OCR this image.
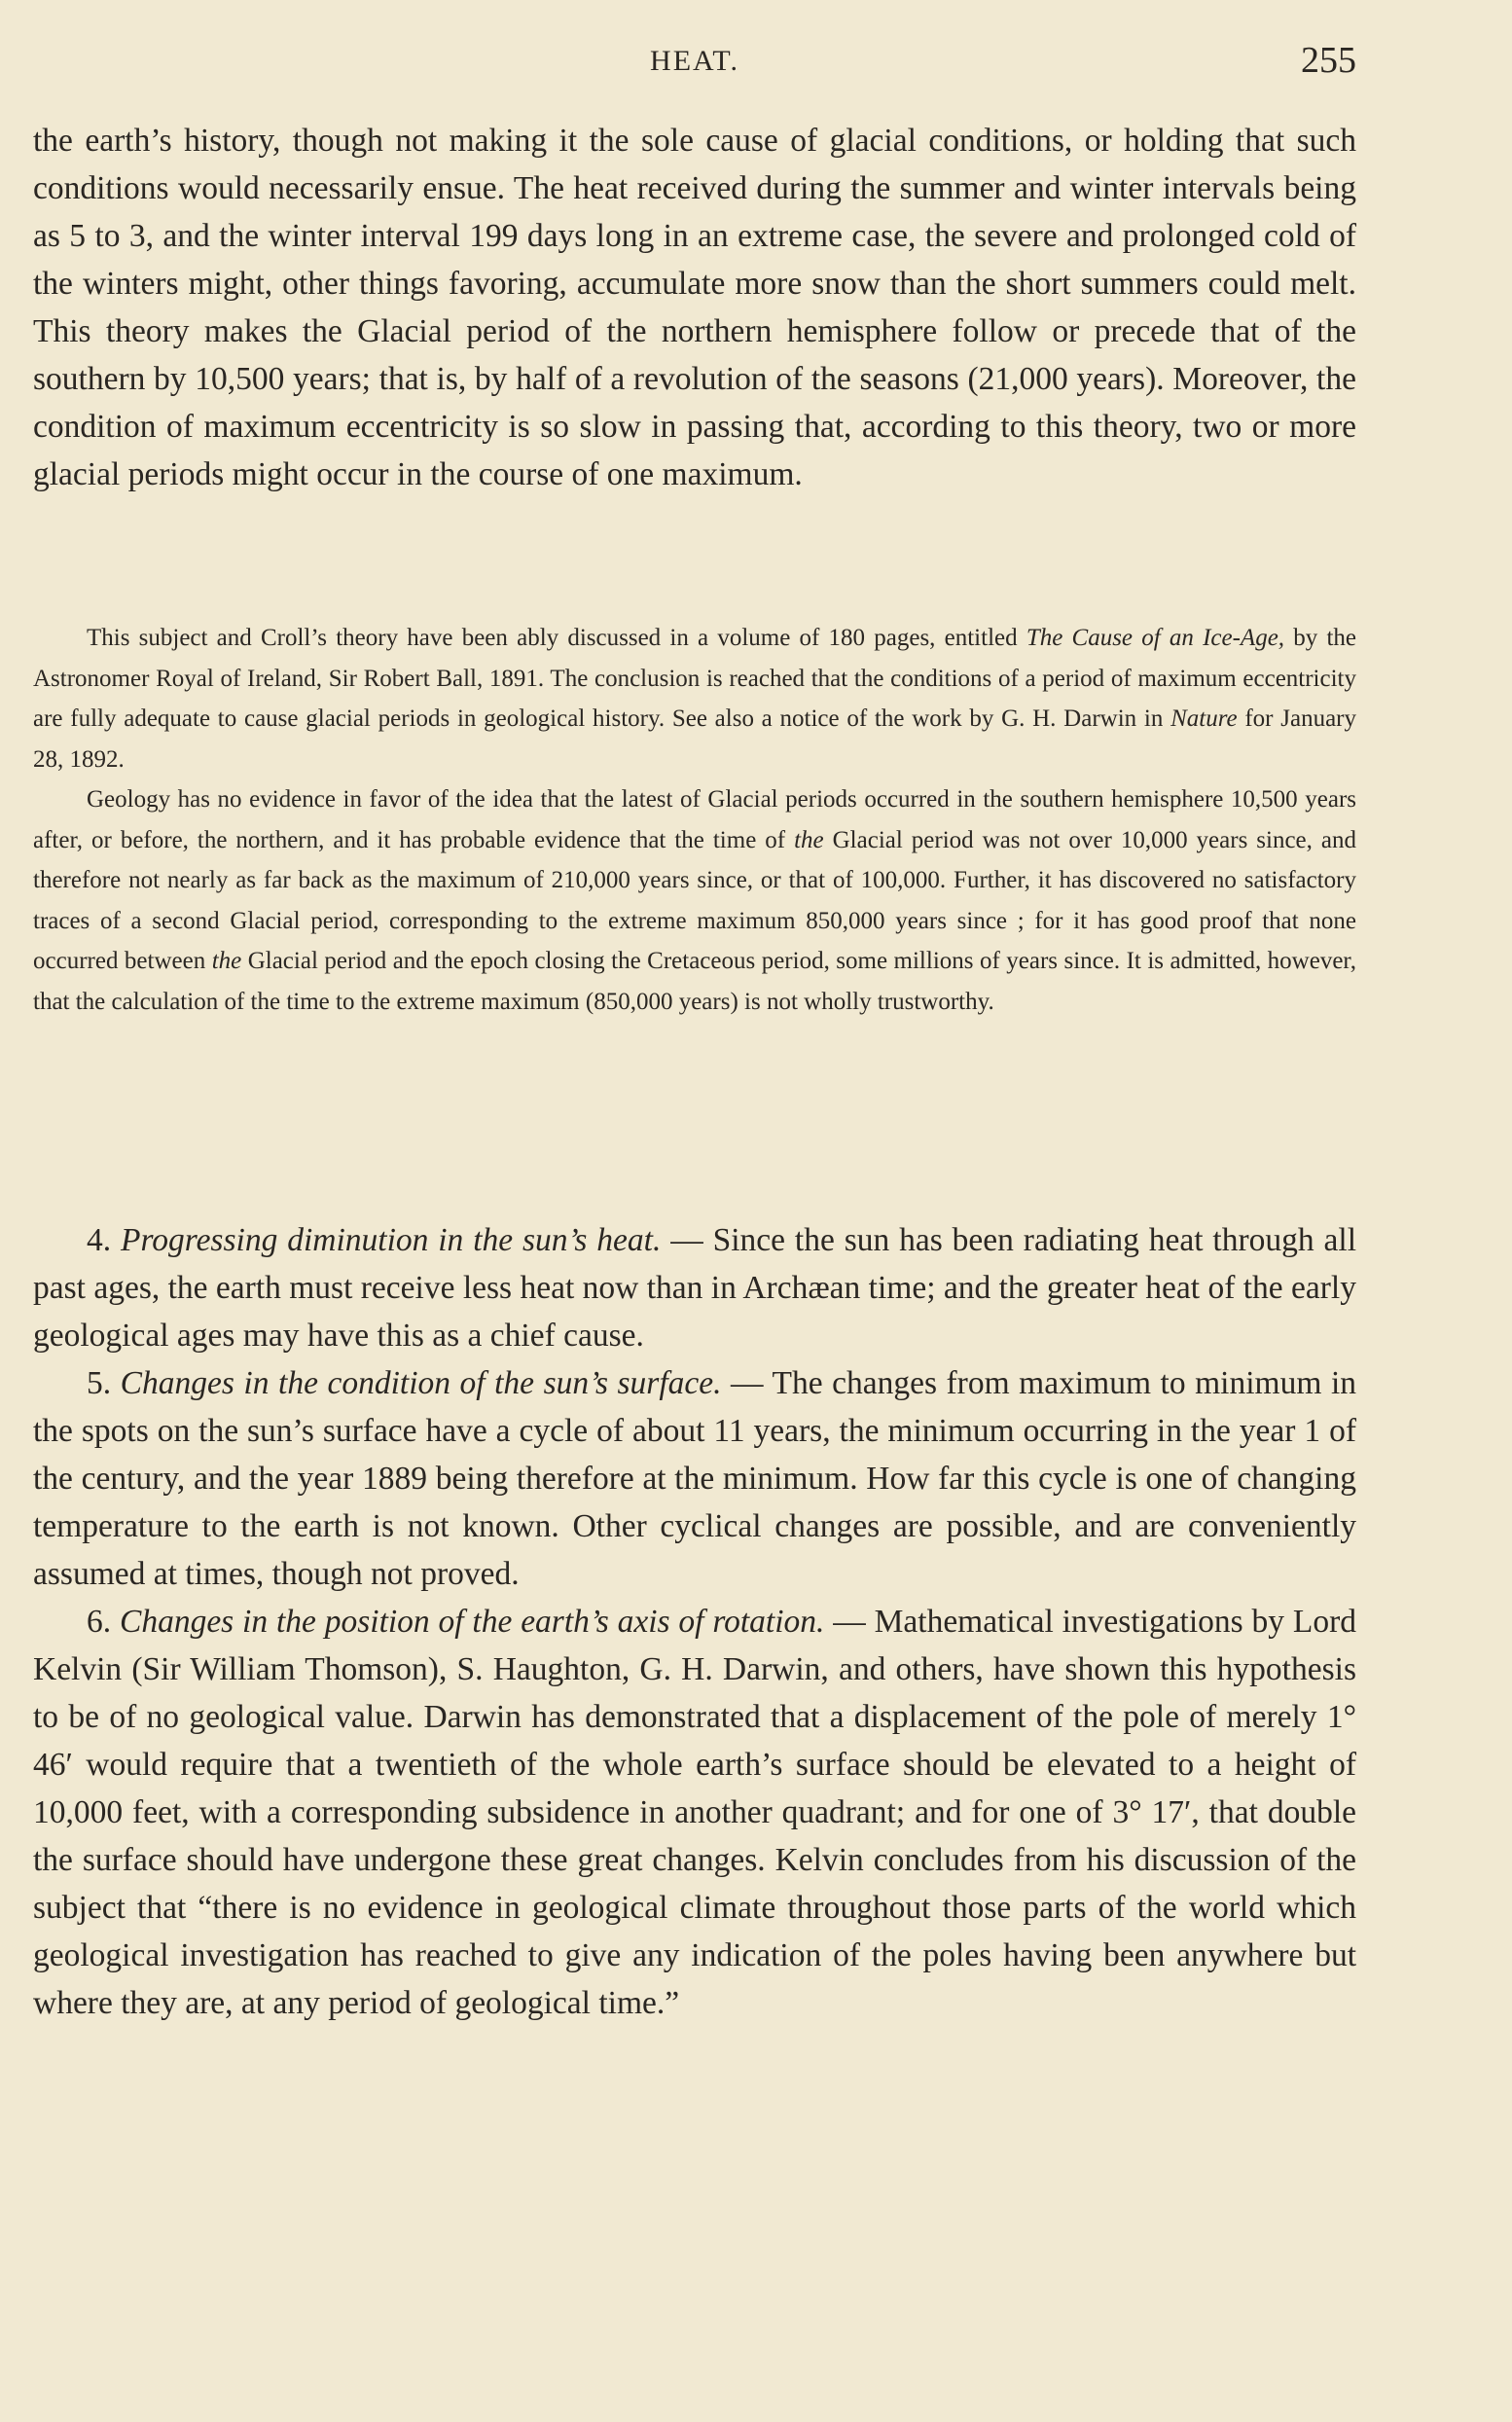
HEAT.	255

the earth’s history, though not making it the sole cause of glacial conditions, or holding that such conditions would necessarily ensue. The heat received during the summer and winter intervals being as 5 to 3, and the winter interval 199 days long in an extreme case, the severe and prolonged cold of the winters might, other things favoring, accumulate more snow than the short summers could melt. This theory makes the Glacial period of the northern hemisphere follow or precede that of the southern by 10,500 years; that is, by half of a revolution of the seasons (21,000 years). Moreover, the condition of maximum eccentricity is so slow in passing that, according to this theory, two or more glacial periods might occur in the course of one maximum.

This subject and Croll’s theory have been ably discussed in a volume of 180 pages, entitled The Cause of an Ice-Age, by the Astronomer Royal of Ireland, Sir Robert Ball, 1891. The conclusion is reached that the conditions of a period of maximum eccentricity are fully adequate to cause glacial periods in geological history. See also a notice of the work by G. H. Darwin in Nature for January 28, 1892.

Geology has no evidence in favor of the idea that the latest of Glacial periods occurred in the southern hemisphere 10,500 years after, or before, the northern, and it has probable evidence that the time of the Glacial period was not over 10,000 years since, and therefore not nearly as far back as the maximum of 210,000 years since, or that of 100,000. Further, it has discovered no satisfactory traces of a second Glacial period, corresponding to the extreme maximum 850,000 years since ; for it has good proof that none occurred between the Glacial period and the epoch closing the Cretaceous period, some millions of years since. It is admitted, however, that the calculation of the time to the extreme maximum (850,000 years) is not wholly trustworthy.

4. Progressing diminution in the sun’s heat. — Since the sun has been radiating heat through all past ages, the earth must receive less heat now than in Archæan time; and the greater heat of the early geological ages may have this as a chief cause.

5. Changes in the condition of the sun’s surface. — The changes from maximum to minimum in the spots on the sun’s surface have a cycle of about 11 years, the minimum occurring in the year 1 of the century, and the year 1889 being therefore at the minimum. How far this cycle is one of changing temperature to the earth is not known. Other cyclical changes are possible, and are conveniently assumed at times, though not proved.

6. Changes in the position of the earth’s axis of rotation. — Mathematical investigations by Lord Kelvin (Sir William Thomson), S. Haughton, G. H. Darwin, and others, have shown this hypothesis to be of no geological value. Darwin has demonstrated that a displacement of the pole of merely 1° 46′ would require that a twentieth of the whole earth’s surface should be elevated to a height of 10,000 feet, with a corresponding subsidence in another quadrant; and for one of 3° 17′, that double the surface should have undergone these great changes. Kelvin concludes from his discussion of the subject that “there is no evidence in geological climate throughout those parts of the world which geological investigation has reached to give any indication of the poles having been anywhere but where they are, at any period of geological time.”
